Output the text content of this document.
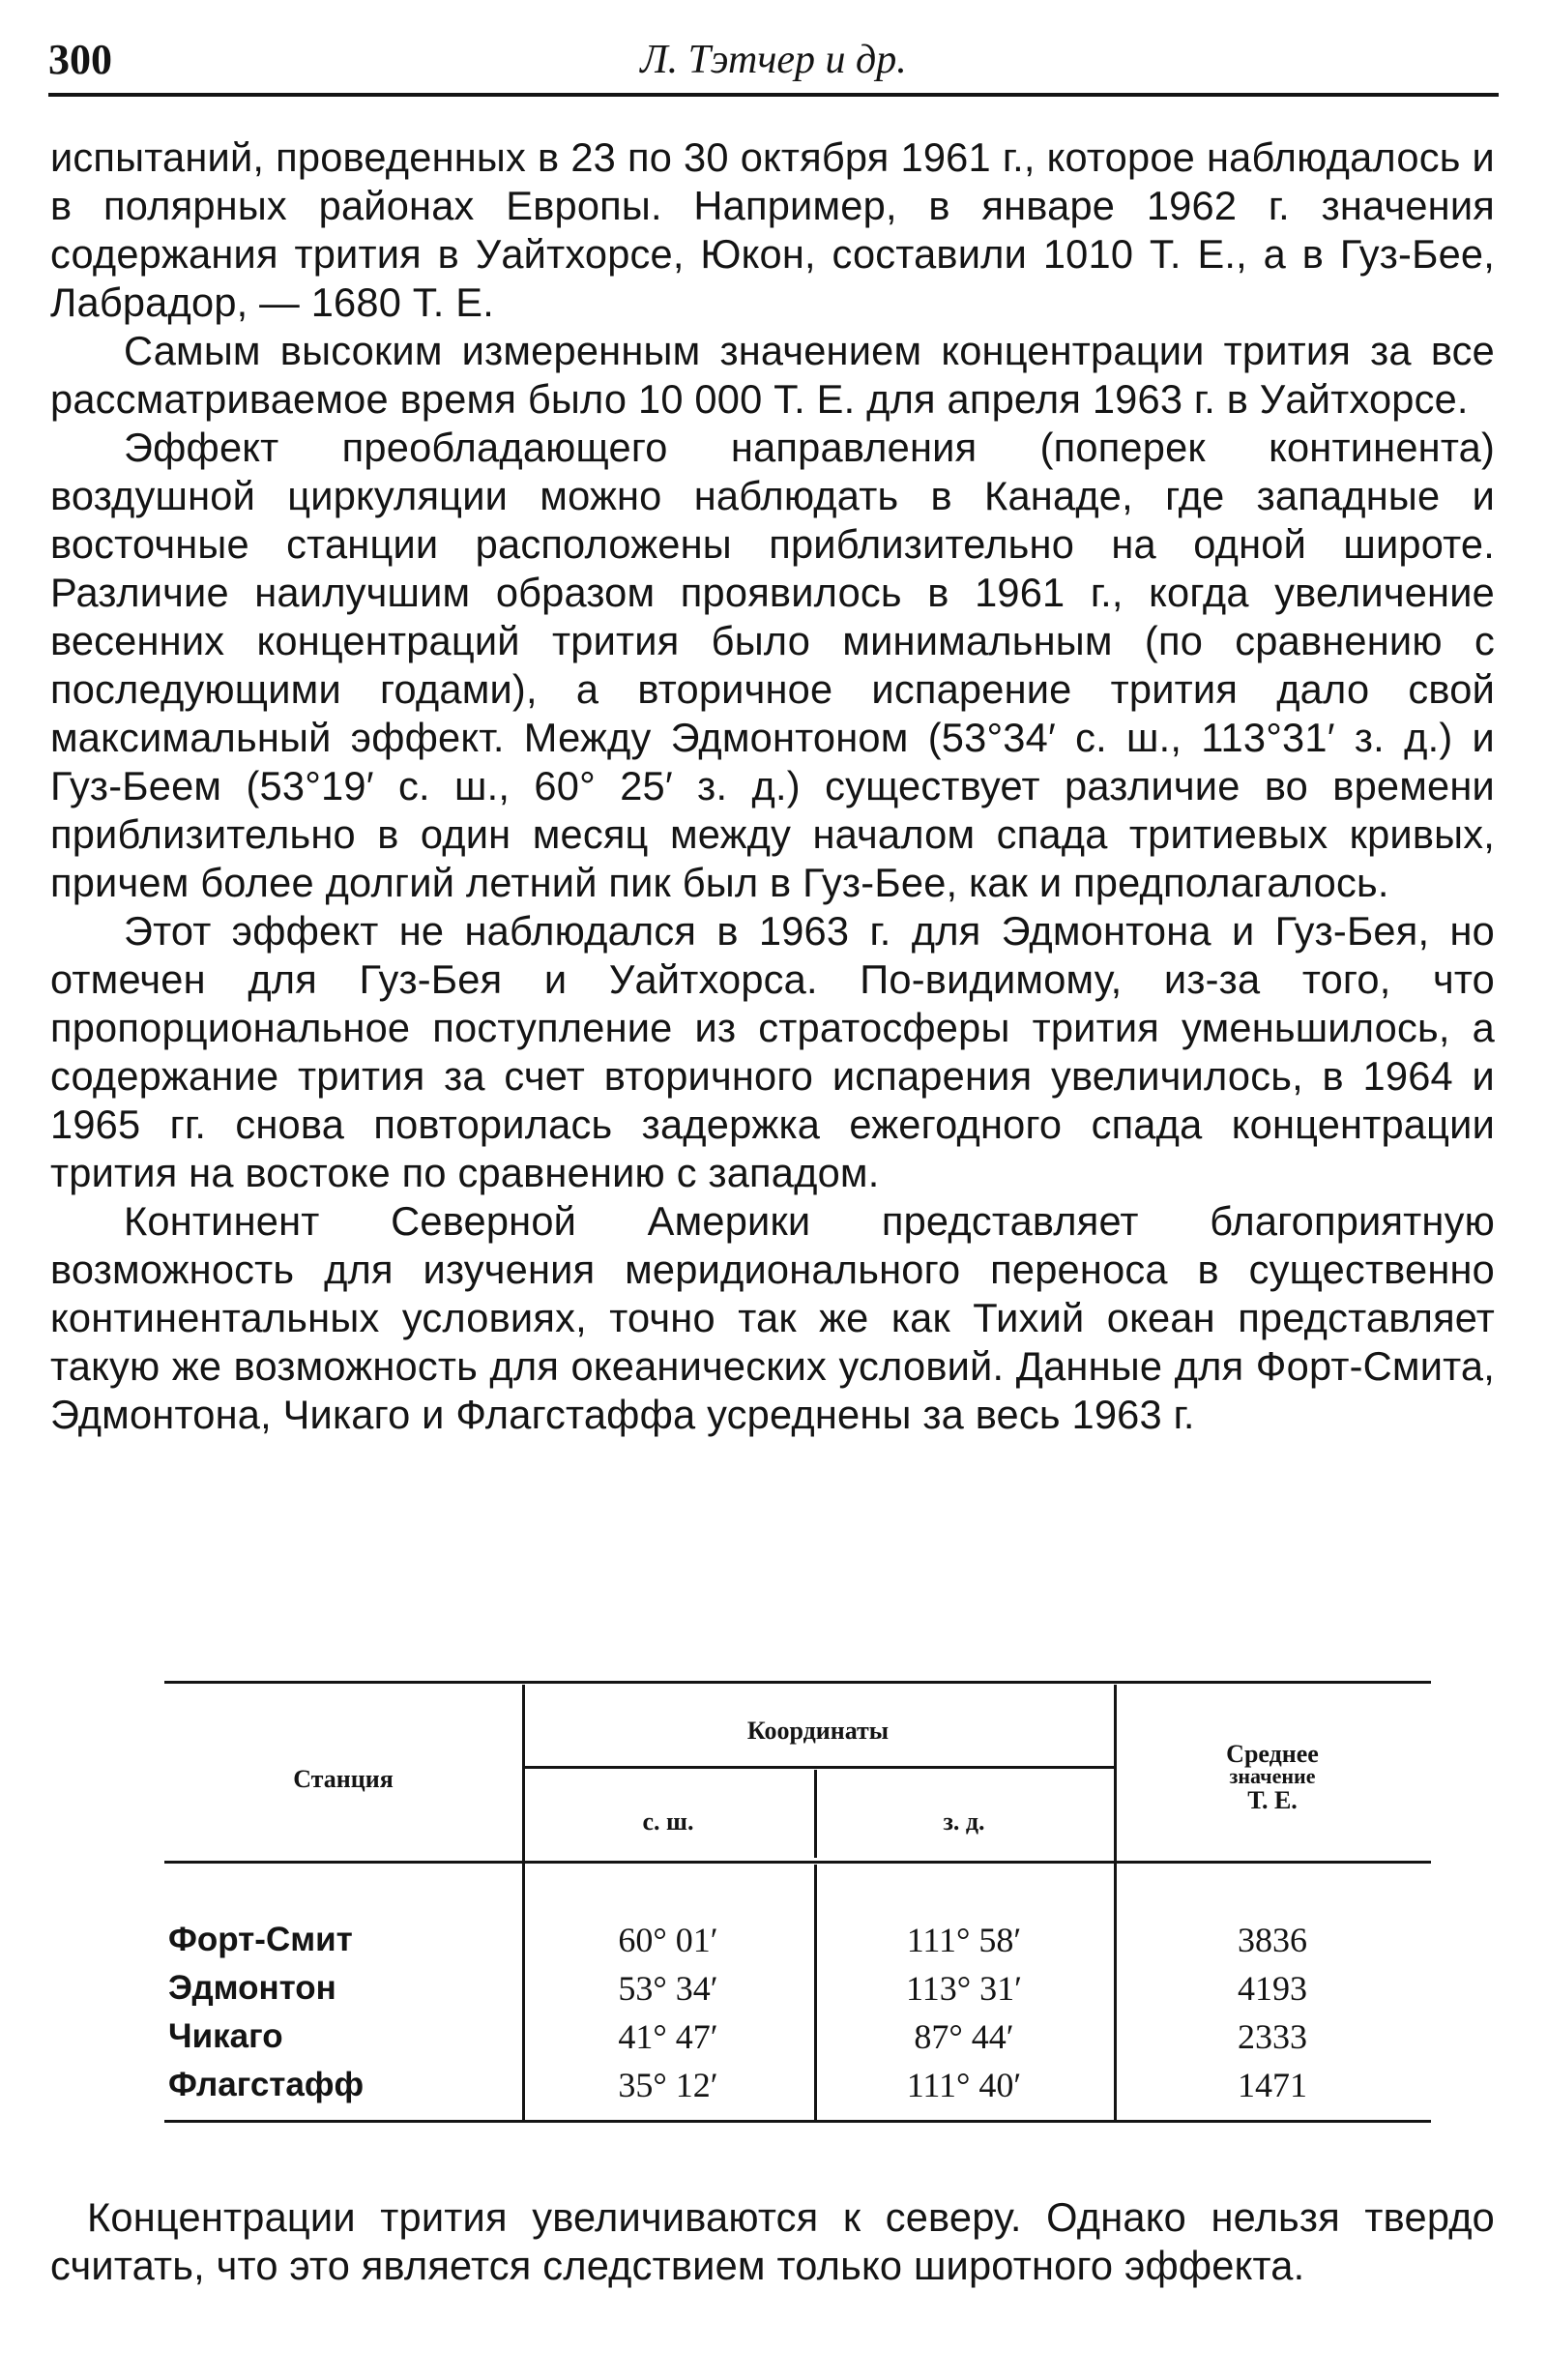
300	Л. Тэтчер и др.

испытаний, проведенных в 23 по 30 октября 1961 г., которое наблюдалось и в полярных районах Европы. Например, в январе 1962 г. значения содержания трития в Уайтхорсе, Юкон, составили 1010 Т. Е., а в Гуз-Бее, Лабрадор, — 1680 Т. Е.

Самым высоким измеренным значением концентрации трития за все рассматриваемое время было 10 000 Т. Е. для апреля 1963 г. в Уайтхорсе.

Эффект преобладающего направления (поперек континента) воздушной циркуляции можно наблюдать в Канаде, где западные и восточные станции расположены приблизительно на одной широте. Различие наилучшим образом проявилось в 1961 г., когда увеличение весенних концентраций трития было минимальным (по сравнению с последующими годами), а вторичное испарение трития дало свой максимальный эффект. Между Эдмонтоном (53°34′ с. ш., 113°31′ з. д.) и Гуз-Беем (53°19′ с. ш., 60° 25′ з. д.) существует различие во времени приблизительно в один месяц между началом спада тритиевых кривых, причем более долгий летний пик был в Гуз-Бее, как и предполагалось.

Этот эффект не наблюдался в 1963 г. для Эдмонтона и Гуз-Бея, но отмечен для Гуз-Бея и Уайтхорса. По-видимому, из-за того, что пропорциональное поступление из стратосферы трития уменьшилось, а содержание трития за счет вторичного испарения увеличилось, в 1964 и 1965 гг. снова повторилась задержка ежегодного спада концентрации трития на востоке по сравнению с западом.

Континент Северной Америки представляет благоприятную возможность для изучения меридионального переноса в существенно континентальных условиях, точно так же как Тихий океан представляет такую же возможность для океанических условий. Данные для Форт-Смита, Эдмонтона, Чикаго и Флагстаффа усреднены за весь 1963 г.

Станция
Координаты
с. ш.	з. д.
Среднее
значение
Т. Е.
Форт-Смит	60° 01′	111° 58′	3836
Эдмонтон	53° 34′	113° 31′	4193
Чикаго	41° 47′	87° 44′	2333
Флагстафф	35° 12′	111° 40′	1471

Концентрации трития увеличиваются к северу. Однако нельзя твердо считать, что это является следствием только широтного эффекта.
